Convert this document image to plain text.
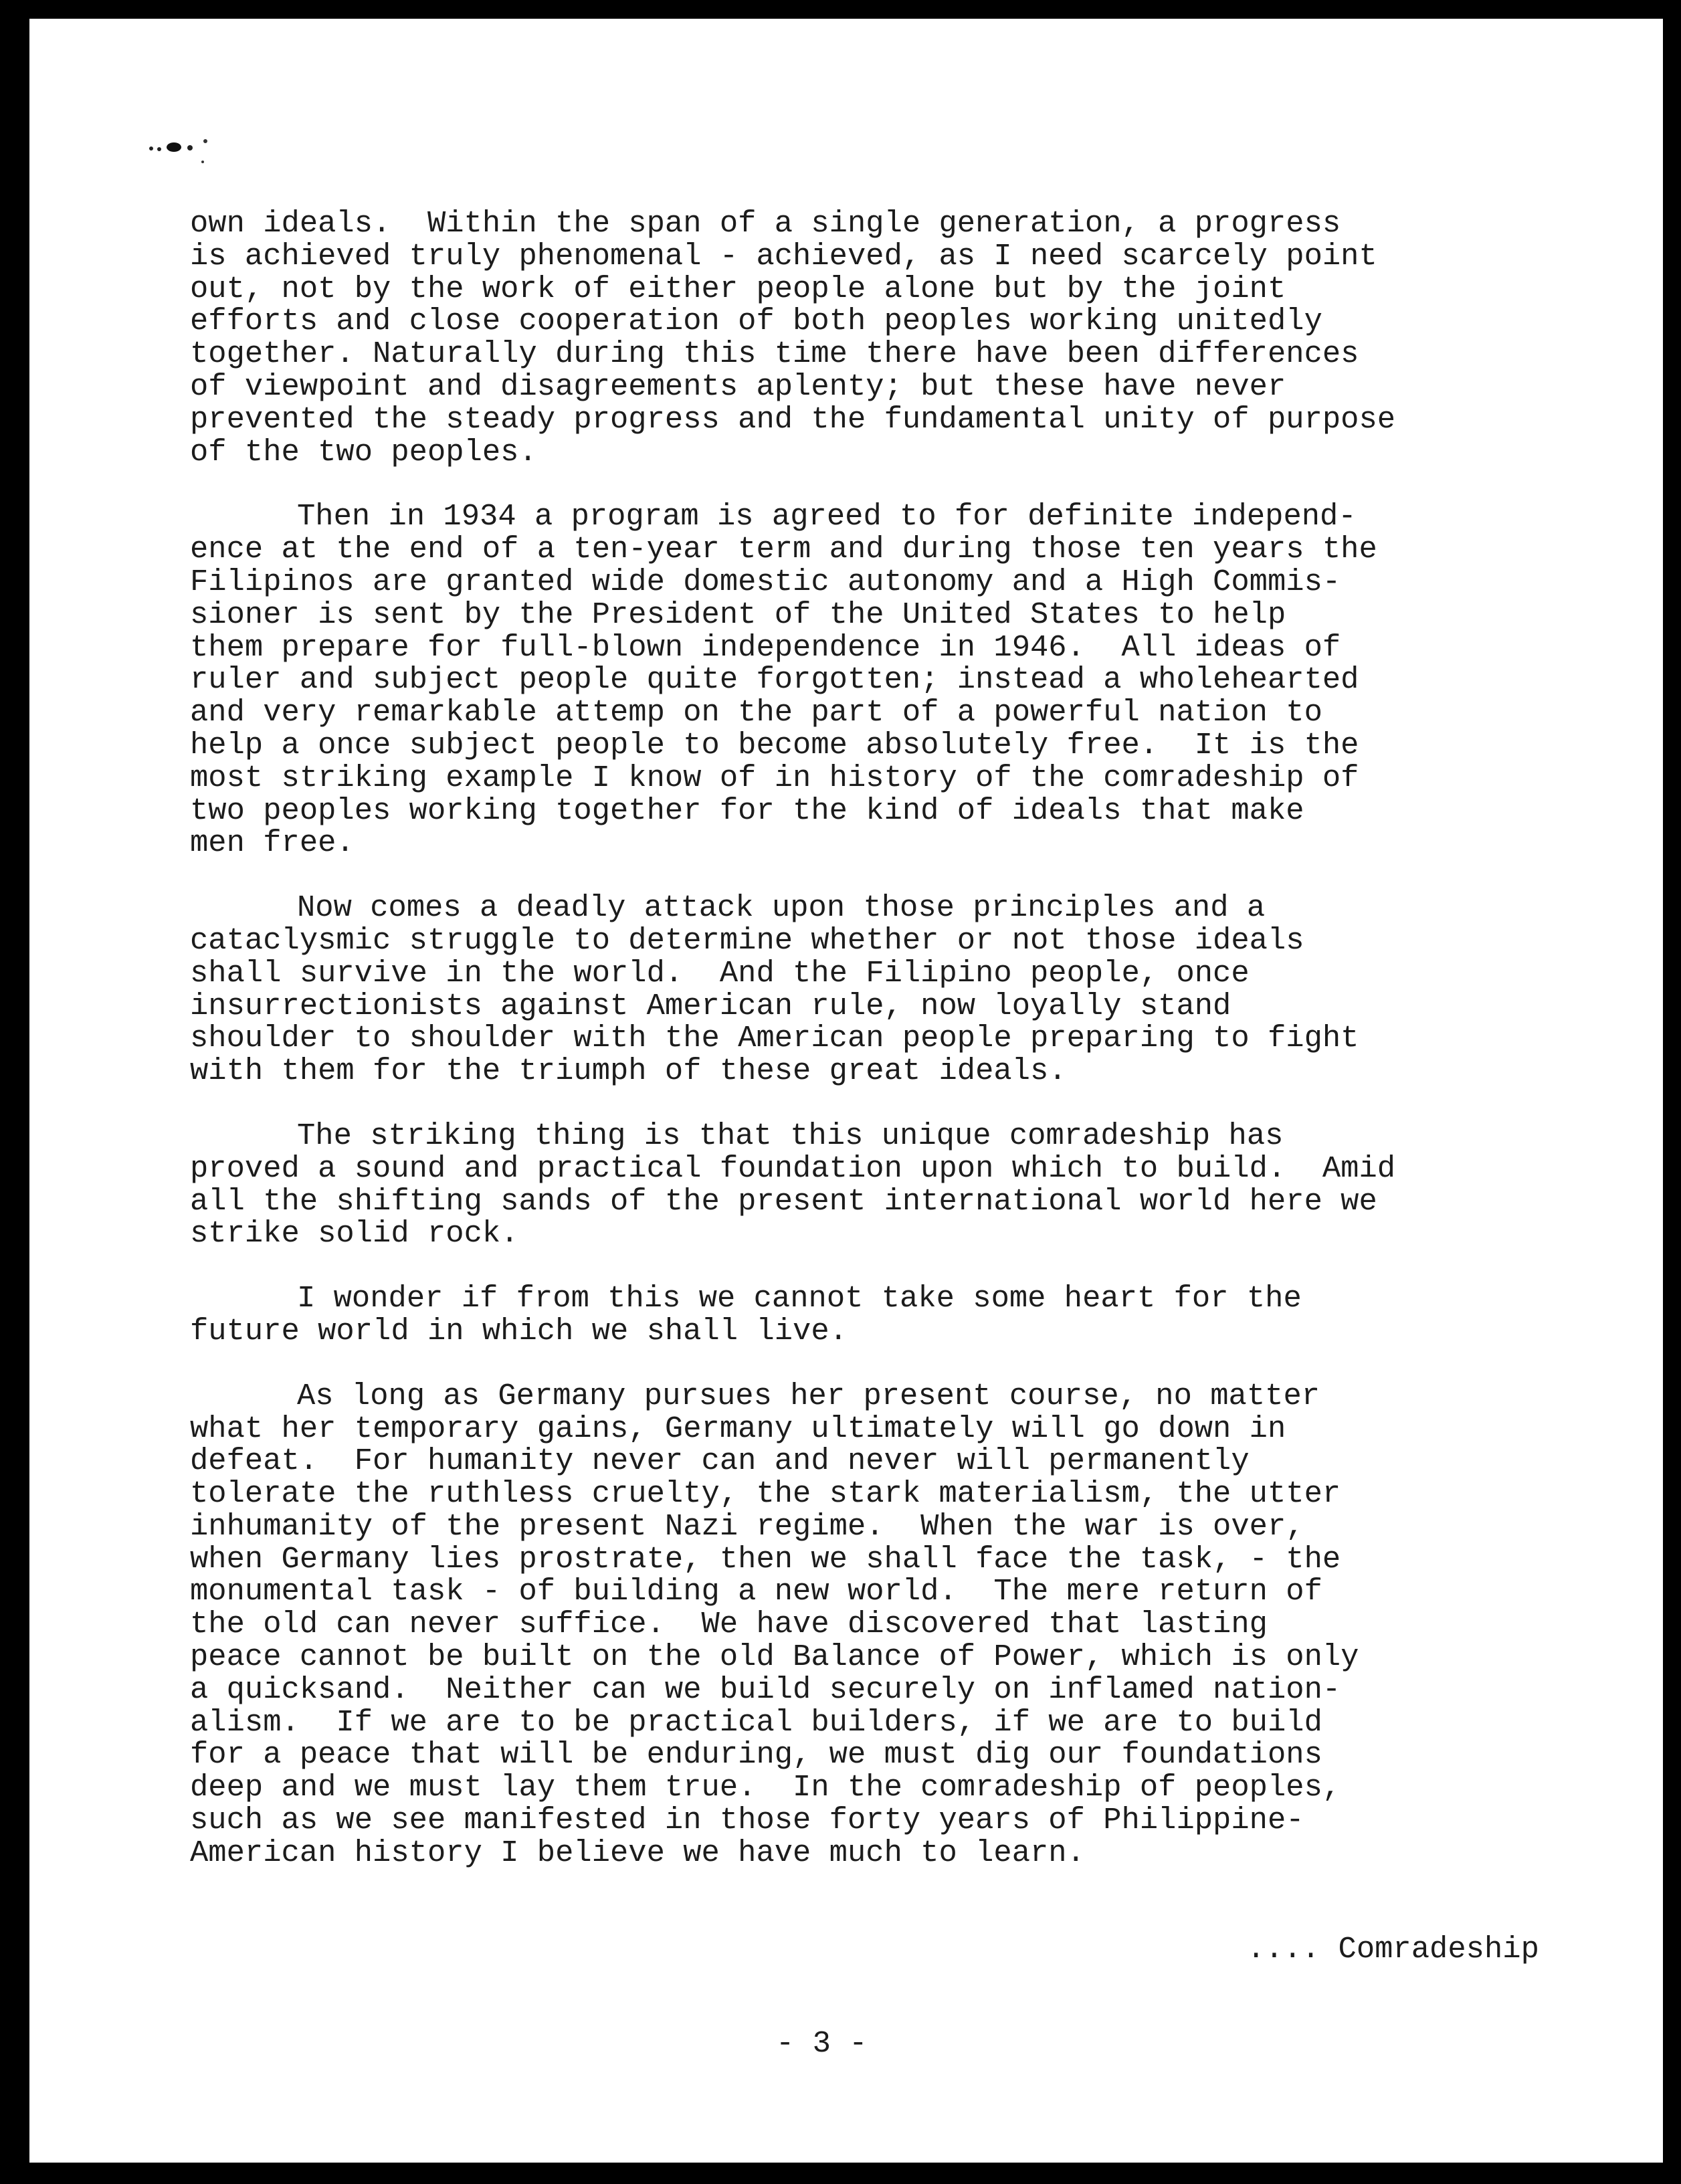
own ideals.  Within the span of a single generation, a progress
is achieved truly phenomenal - achieved, as I need scarcely point
out, not by the work of either people alone but by the joint
efforts and close cooperation of both peoples working unitedly
together. Naturally during this time there have been differences
of viewpoint and disagreements aplenty; but these have never
prevented the steady progress and the fundamental unity of purpose
of the two peoples.
Then in 1934 a program is agreed to for definite independ-
ence at the end of a ten-year term and during those ten years the
Filipinos are granted wide domestic autonomy and a High Commis-
sioner is sent by the President of the United States to help
them prepare for full-blown independence in 1946.  All ideas of
ruler and subject people quite forgotten; instead a wholehearted
and very remarkable attemp on the part of a powerful nation to
help a once subject people to become absolutely free.  It is the
most striking example I know of in history of the comradeship of
two peoples working together for the kind of ideals that make
men free.
Now comes a deadly attack upon those principles and a
cataclysmic struggle to determine whether or not those ideals
shall survive in the world.  And the Filipino people, once
insurrectionists against American rule, now loyally stand
shoulder to shoulder with the American people preparing to fight
with them for the triumph of these great ideals.
The striking thing is that this unique comradeship has
proved a sound and practical foundation upon which to build.  Amid
all the shifting sands of the present international world here we
strike solid rock.
I wonder if from this we cannot take some heart for the
future world in which we shall live.
As long as Germany pursues her present course, no matter
what her temporary gains, Germany ultimately will go down in
defeat.  For humanity never can and never will permanently
tolerate the ruthless cruelty, the stark materialism, the utter
inhumanity of the present Nazi regime.  When the war is over,
when Germany lies prostrate, then we shall face the task, - the
monumental task - of building a new world.  The mere return of
the old can never suffice.  We have discovered that lasting
peace cannot be built on the old Balance of Power, which is only
a quicksand.  Neither can we build securely on inflamed nation-
alism.  If we are to be practical builders, if we are to build
for a peace that will be enduring, we must dig our foundations
deep and we must lay them true.  In the comradeship of peoples,
such as we see manifested in those forty years of Philippine-
American history I believe we have much to learn.
.... Comradeship
- 3 -
